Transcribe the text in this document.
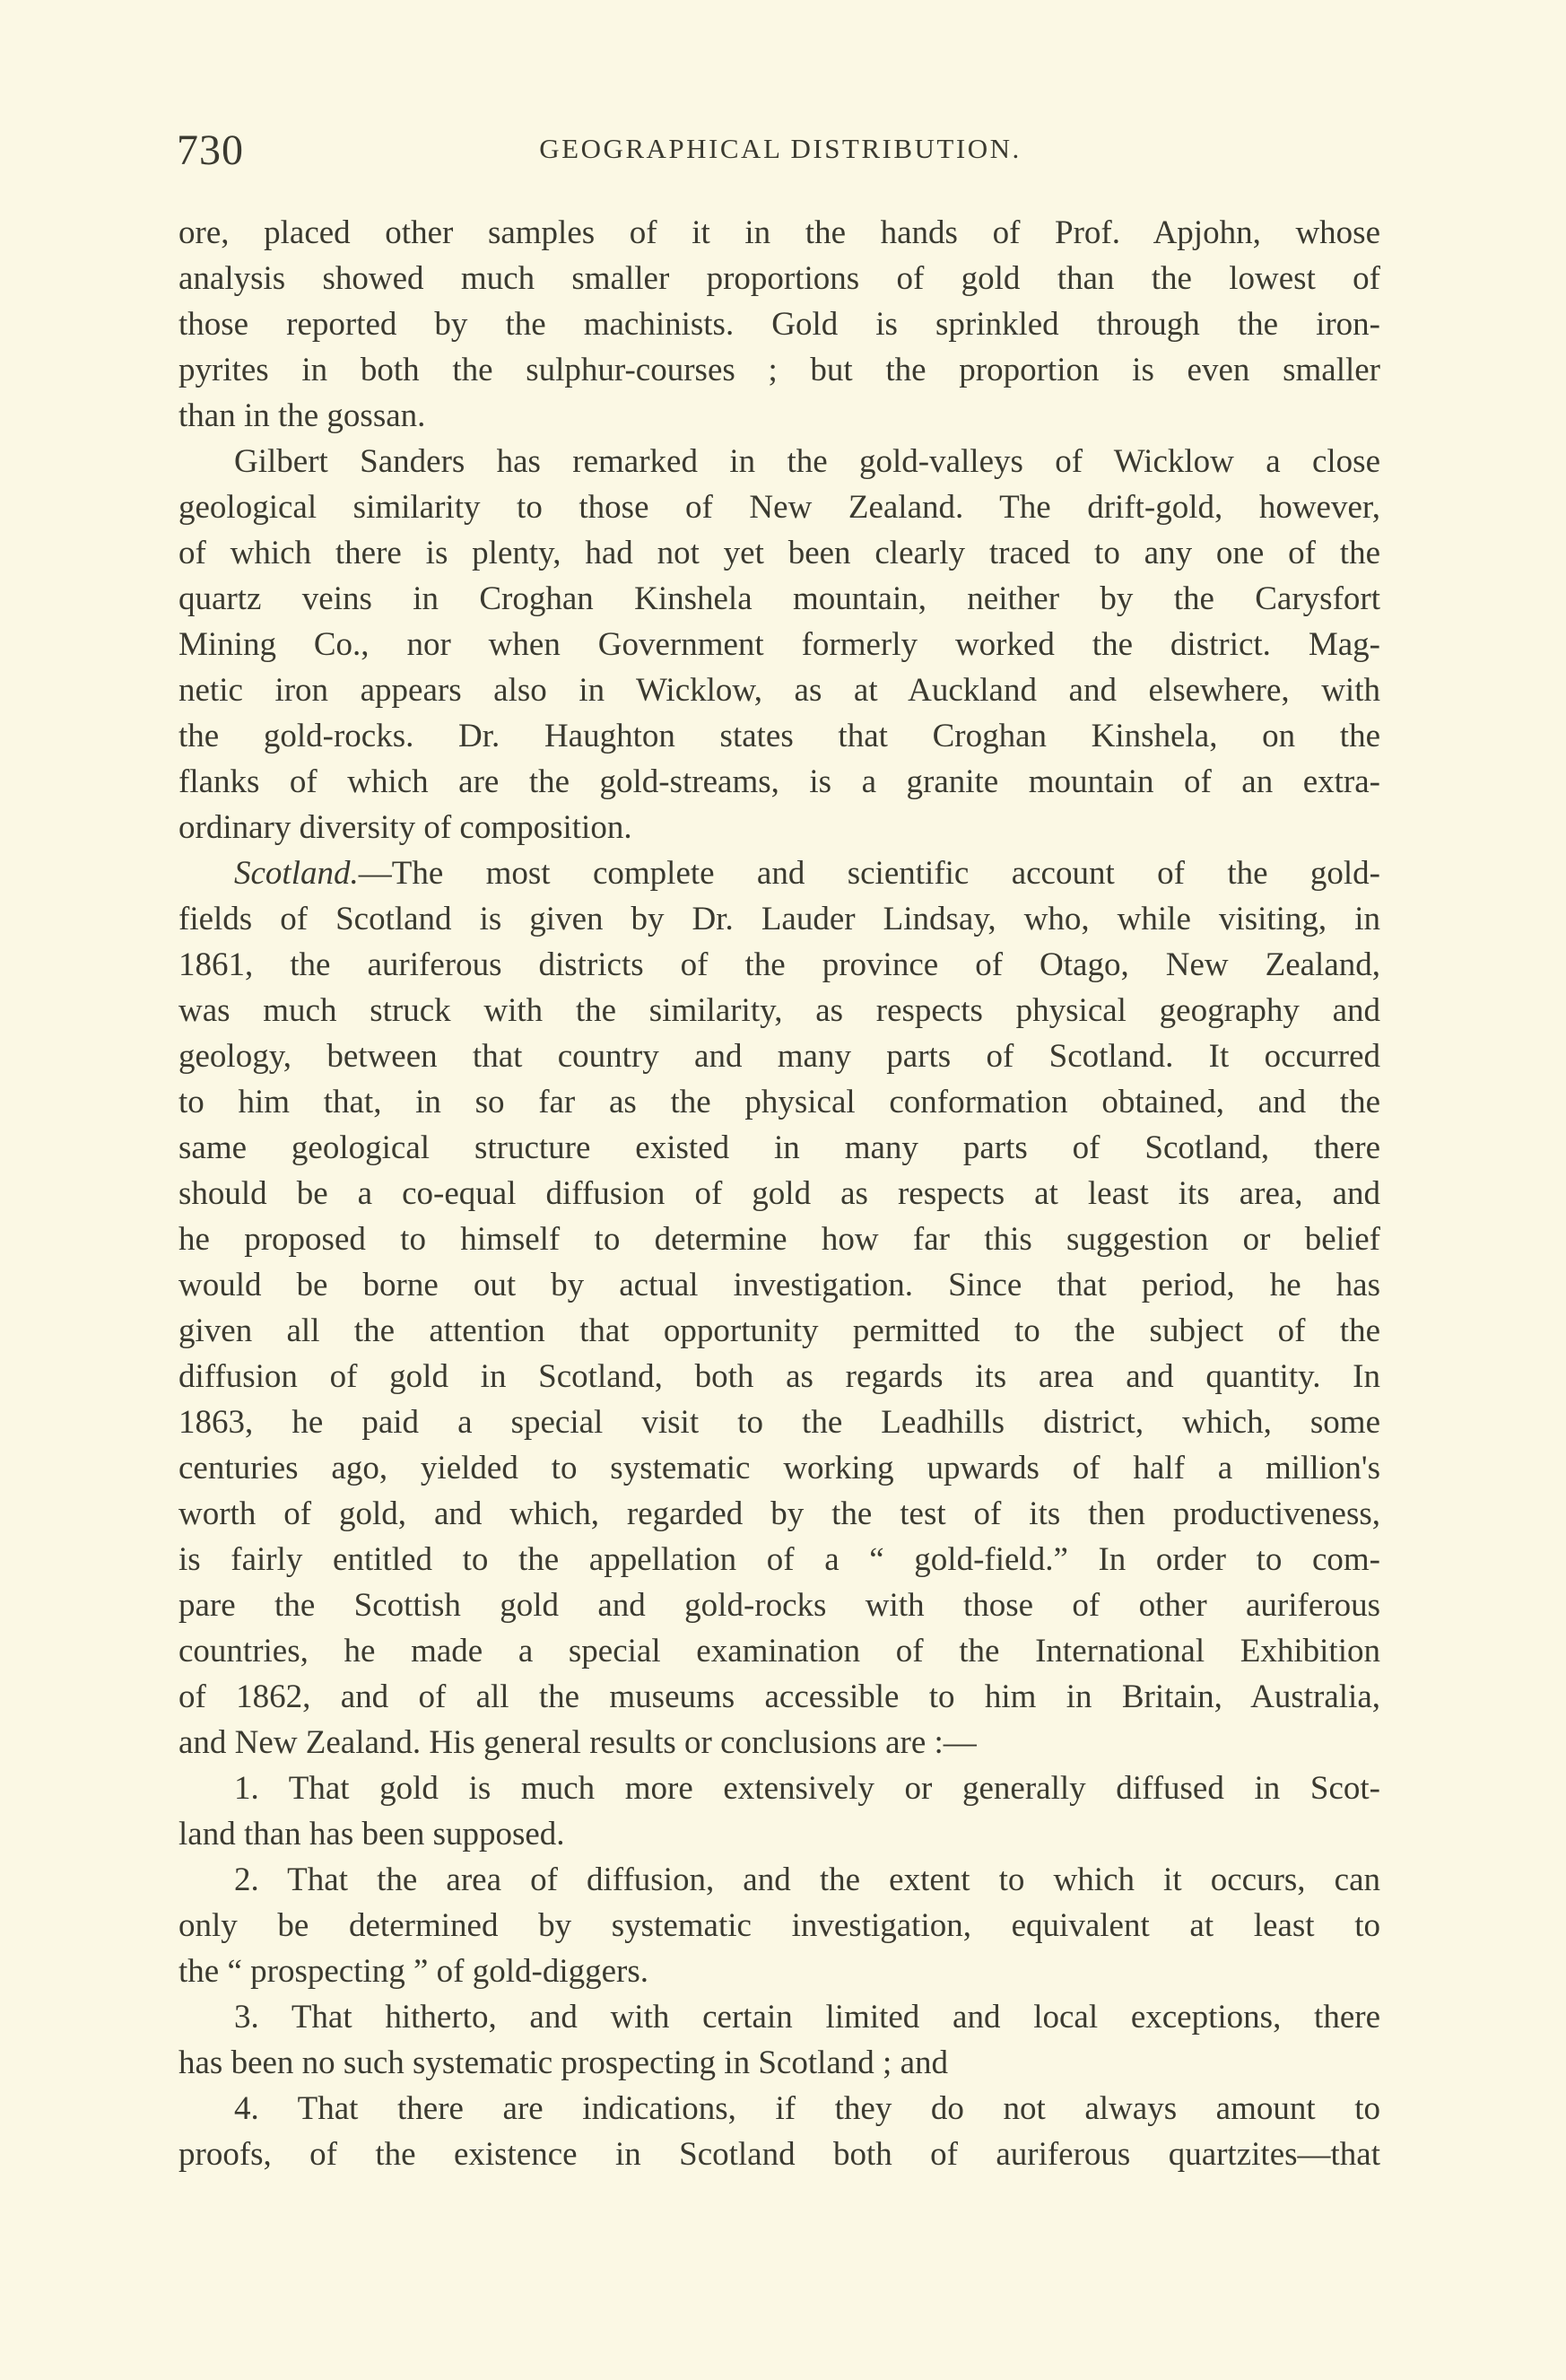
730	GEOGRAPHICAL DISTRIBUTION.
ore, placed other samples of it in the hands of Prof. Apjohn, whose
analysis showed much smaller proportions of gold than the lowest of
those reported by the machinists. Gold is sprinkled through the iron-
pyrites in both the sulphur-courses ; but the proportion is even smaller
than in the gossan.
Gilbert Sanders has remarked in the gold-valleys of Wicklow a close
geological similarity to those of New Zealand. The drift-gold, however,
of which there is plenty, had not yet been clearly traced to any one of the
quartz veins in Croghan Kinshela mountain, neither by the Carysfort
Mining Co., nor when Government formerly worked the district. Mag-
netic iron appears also in Wicklow, as at Auckland and elsewhere, with
the gold-rocks. Dr. Haughton states that Croghan Kinshela, on the
flanks of which are the gold-streams, is a granite mountain of an extra-
ordinary diversity of composition.
Scotland.—The most complete and scientific account of the gold-
fields of Scotland is given by Dr. Lauder Lindsay, who, while visiting, in
1861, the auriferous districts of the province of Otago, New Zealand,
was much struck with the similarity, as respects physical geography and
geology, between that country and many parts of Scotland. It occurred
to him that, in so far as the physical conformation obtained, and the
same geological structure existed in many parts of Scotland, there
should be a co-equal diffusion of gold as respects at least its area, and
he proposed to himself to determine how far this suggestion or belief
would be borne out by actual investigation. Since that period, he has
given all the attention that opportunity permitted to the subject of the
diffusion of gold in Scotland, both as regards its area and quantity. In
1863, he paid a special visit to the Leadhills district, which, some
centuries ago, yielded to systematic working upwards of half a million's
worth of gold, and which, regarded by the test of its then productiveness,
is fairly entitled to the appellation of a “ gold-field.” In order to com-
pare the Scottish gold and gold-rocks with those of other auriferous
countries, he made a special examination of the International Exhibition
of 1862, and of all the museums accessible to him in Britain, Australia,
and New Zealand. His general results or conclusions are :—
1. That gold is much more extensively or generally diffused in Scot-
land than has been supposed.
2. That the area of diffusion, and the extent to which it occurs, can
only be determined by systematic investigation, equivalent at least to
the “ prospecting ” of gold-diggers.
3. That hitherto, and with certain limited and local exceptions, there
has been no such systematic prospecting in Scotland ; and
4. That there are indications, if they do not always amount to
proofs, of the existence in Scotland both of auriferous quartzites—that
